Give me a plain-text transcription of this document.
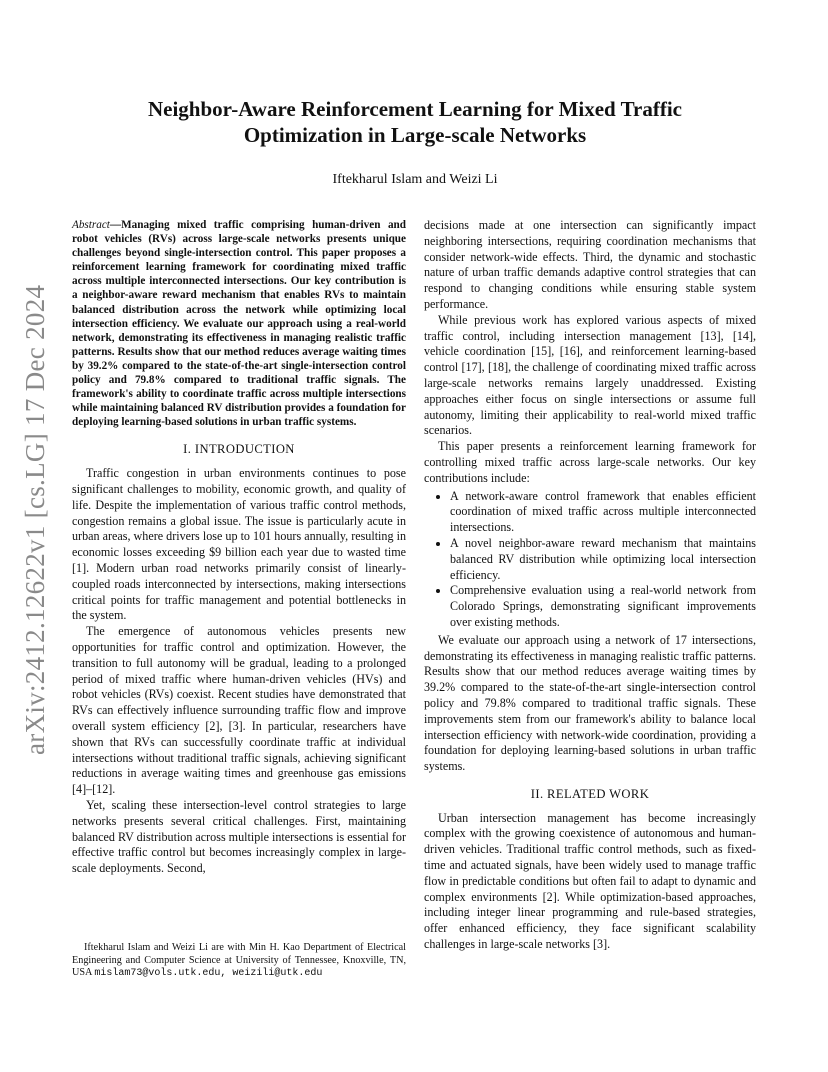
arXiv:2412.12622v1 [cs.LG] 17 Dec 2024
Neighbor-Aware Reinforcement Learning for Mixed Traffic Optimization in Large-scale Networks
Iftekharul Islam and Weizi Li

Abstract—Managing mixed traffic comprising human-driven and robot vehicles (RVs) across large-scale networks presents unique challenges beyond single-intersection control. This paper proposes a reinforcement learning framework for coordinating mixed traffic across multiple interconnected intersections. Our key contribution is a neighbor-aware reward mechanism that enables RVs to maintain balanced distribution across the network while optimizing local intersection efficiency. We evaluate our approach using a real-world network, demonstrating its effectiveness in managing realistic traffic patterns. Results show that our method reduces average waiting times by 39.2% compared to the state-of-the-art single-intersection control policy and 79.8% compared to traditional traffic signals. The framework's ability to coordinate traffic across multiple intersections while maintaining balanced RV distribution provides a foundation for deploying learning-based solutions in urban traffic systems.

I. INTRODUCTION

Traffic congestion in urban environments continues to pose significant challenges to mobility, economic growth, and quality of life. Despite the implementation of various traffic control methods, congestion remains a global issue. The issue is particularly acute in urban areas, where drivers lose up to 101 hours annually, resulting in economic losses exceeding $9 billion each year due to wasted time [1]. Modern urban road networks primarily consist of linearly-coupled roads interconnected by intersections, making intersections critical points for traffic management and potential bottlenecks in the system.

The emergence of autonomous vehicles presents new opportunities for traffic control and optimization. However, the transition to full autonomy will be gradual, leading to a prolonged period of mixed traffic where human-driven vehicles (HVs) and robot vehicles (RVs) coexist. Recent studies have demonstrated that RVs can effectively influence surrounding traffic flow and improve overall system efficiency [2], [3]. In particular, researchers have shown that RVs can successfully coordinate traffic at individual intersections without traditional traffic signals, achieving significant reductions in average waiting times and greenhouse gas emissions [4]–[12].

Yet, scaling these intersection-level control strategies to large networks presents several critical challenges. First, maintaining balanced RV distribution across multiple intersections is essential for effective traffic control but becomes increasingly complex in large-scale deployments. Second,

Iftekharul Islam and Weizi Li are with Min H. Kao Department of Electrical Engineering and Computer Science at University of Tennessee, Knoxville, TN, USA mislam73@vols.utk.edu, weizili@utk.edu

decisions made at one intersection can significantly impact neighboring intersections, requiring coordination mechanisms that consider network-wide effects. Third, the dynamic and stochastic nature of urban traffic demands adaptive control strategies that can respond to changing conditions while ensuring stable system performance.

While previous work has explored various aspects of mixed traffic control, including intersection management [13], [14], vehicle coordination [15], [16], and reinforcement learning-based control [17], [18], the challenge of coordinating mixed traffic across large-scale networks remains largely unaddressed. Existing approaches either focus on single intersections or assume full autonomy, limiting their applicability to real-world mixed traffic scenarios.

This paper presents a reinforcement learning framework for controlling mixed traffic across large-scale networks. Our key contributions include:

• A network-aware control framework that enables efficient coordination of mixed traffic across multiple interconnected intersections.
• A novel neighbor-aware reward mechanism that maintains balanced RV distribution while optimizing local intersection efficiency.
• Comprehensive evaluation using a real-world network from Colorado Springs, demonstrating significant improvements over existing methods.

We evaluate our approach using a network of 17 intersections, demonstrating its effectiveness in managing realistic traffic patterns. Results show that our method reduces average waiting times by 39.2% compared to the state-of-the-art single-intersection control policy and 79.8% compared to traditional traffic signals. These improvements stem from our framework's ability to balance local intersection efficiency with network-wide coordination, providing a foundation for deploying learning-based solutions in urban traffic systems.

II. RELATED WORK

Urban intersection management has become increasingly complex with the growing coexistence of autonomous and human-driven vehicles. Traditional traffic control methods, such as fixed-time and actuated signals, have been widely used to manage traffic flow in predictable conditions but often fail to adapt to dynamic and complex environments [2]. While optimization-based approaches, including integer linear programming and rule-based strategies, offer enhanced efficiency, they face significant scalability challenges in large-scale networks [3].
